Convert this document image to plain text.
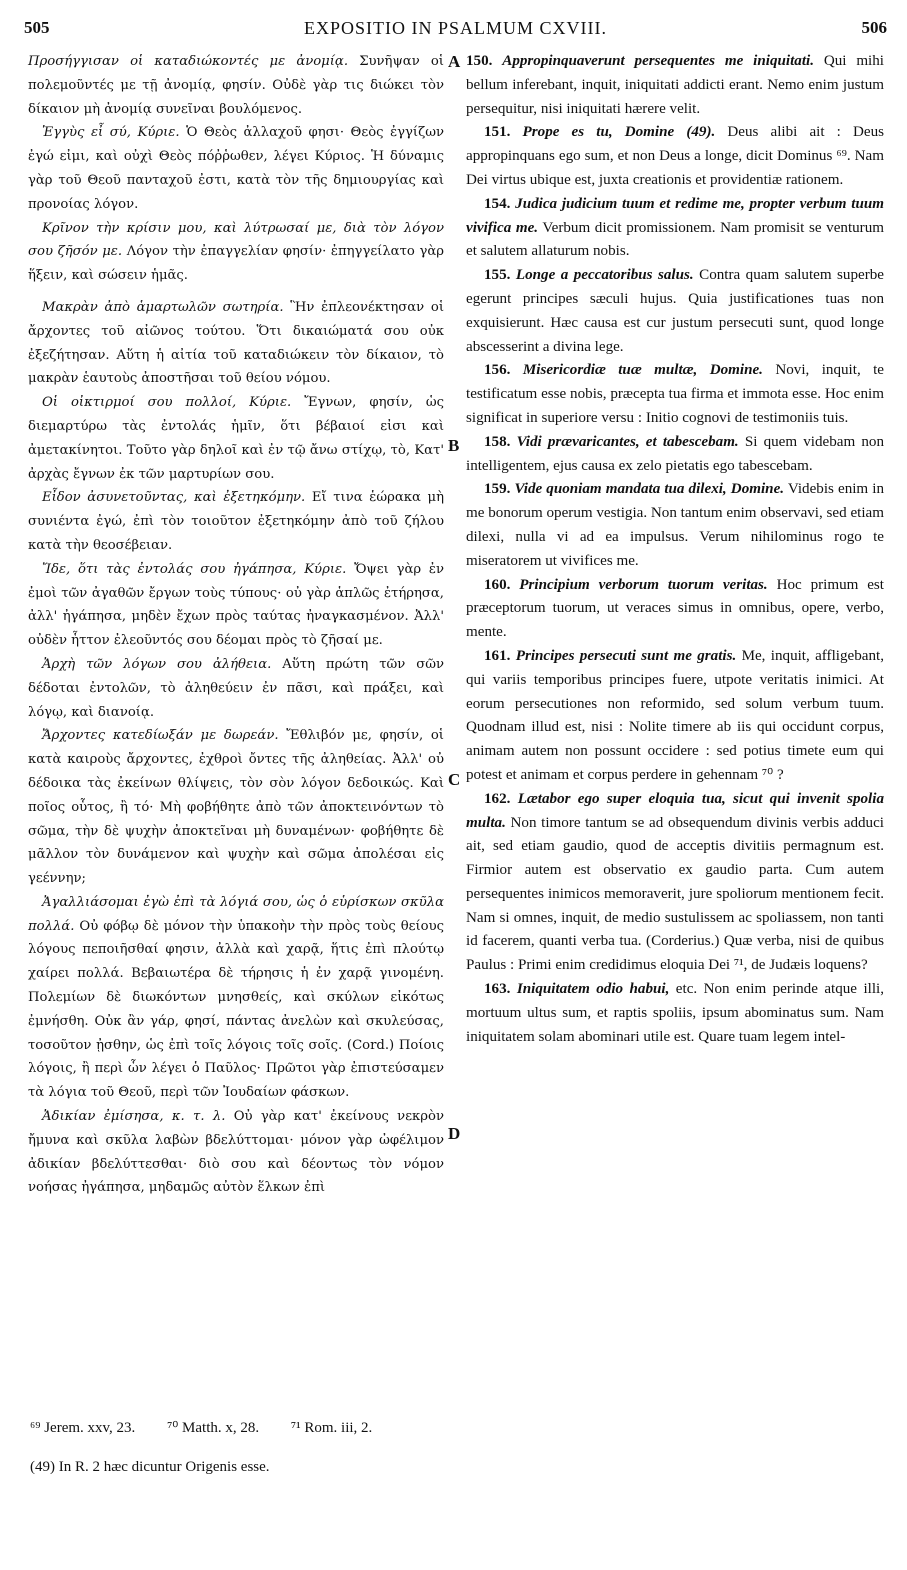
505	EXPOSITIO IN PSALMUM CXVIII.	506

Προσήγγισαν οἱ καταδιώκοντές με ἀνομίᾳ. Συνῆψαν οἱ πολεμοῦντές με τῇ ἀνομίᾳ, φησίν. Οὐδὲ γὰρ τις διώκει τὸν δίκαιον μὴ ἀνομίᾳ συνεῖναι βουλόμενος.

Ἐγγὺς εἶ σύ, Κύριε. Ὁ Θεὸς ἀλλαχοῦ φησι· Θεὸς ἐγγίζων ἐγώ εἰμι, καὶ οὐχὶ Θεὸς πόῤῥωθεν, λέγει Κύριος. Ἡ δύναμις γὰρ τοῦ Θεοῦ πανταχοῦ ἐστι, κατὰ τὸν τῆς δημιουργίας καὶ προνοίας λόγον.

Κρῖνον τὴν κρίσιν μου, καὶ λύτρωσαί με, διὰ τὸν λόγον σου ζῆσόν με. Λόγον τὴν ἐπαγγελίαν φησίν· ἐπηγγείλατο γὰρ ἥξειν, καὶ σώσειν ἡμᾶς.

Μακρὰν ἀπὸ ἁμαρτωλῶν σωτηρία. Ἣν ἐπλεονέκτησαν οἱ ἄρχοντες τοῦ αἰῶνος τούτου. Ὅτι δικαιώματά σου οὐκ ἐξεζήτησαν. Αὕτη ἡ αἰτία τοῦ καταδιώκειν τὸν δίκαιον, τὸ μακρὰν ἑαυτοὺς ἀποστῆσαι τοῦ θείου νόμου.

Οἱ οἰκτιρμοί σου πολλοί, Κύριε. Ἔγνων, φησίν, ὡς διεμαρτύρω τὰς ἐντολάς ἡμῖν, ὅτι βέβαιοί εἰσι καὶ ἀμετακίνητοι. Τοῦτο γὰρ δηλοῖ καὶ ἐν τῷ ἄνω στίχῳ, τὸ, Κατ' ἀρχὰς ἔγνων ἐκ τῶν μαρτυρίων σου.

Εἶδον ἀσυνετοῦντας, καὶ ἐξετηκόμην. Εἴ τινα ἑώρακα μὴ συνιέντα ἐγώ, ἐπὶ τὸν τοιοῦτον ἐξετηκόμην ἀπὸ τοῦ ζήλου κατὰ τὴν θεοσέβειαν.

Ἴδε, ὅτι τὰς ἐντολάς σου ἠγάπησα, Κύριε. Ὄψει γὰρ ἐν ἐμοὶ τῶν ἀγαθῶν ἔργων τοὺς τύπους· οὐ γὰρ ἁπλῶς ἐτήρησα, ἀλλ' ἠγάπησα, μηδὲν ἔχων πρὸς ταύτας ἠναγκασμένον. Ἀλλ' οὐδὲν ἧττον ἐλεοῦντός σου δέομαι πρὸς τὸ ζῆσαί με.

Ἀρχὴ τῶν λόγων σου ἀλήθεια. Αὕτη πρώτη τῶν σῶν δέδοται ἐντολῶν, τὸ ἀληθεύειν ἐν πᾶσι, καὶ πράξει, καὶ λόγῳ, καὶ διανοίᾳ.

Ἄρχοντες κατεδίωξάν με δωρεάν. Ἔθλιβόν με, φησίν, οἱ κατὰ καιροὺς ἄρχοντες, ἐχθροὶ ὄντες τῆς ἀληθείας. Ἀλλ' οὐ δέδοικα τὰς ἐκείνων θλίψεις, τὸν σὸν λόγον δεδοικώς. Καὶ ποῖος οὗτος, ἢ τό· Μὴ φοβήθητε ἀπὸ τῶν ἀποκτεινόντων τὸ σῶμα, τὴν δὲ ψυχὴν ἀποκτεῖναι μὴ δυναμένων· φοβήθητε δὲ μᾶλλον τὸν δυνάμενον καὶ ψυχὴν καὶ σῶμα ἀπολέσαι εἰς γεέννην;

Ἀγαλλιάσομαι ἐγὼ ἐπὶ τὰ λόγιά σου, ὡς ὁ εὑρίσκων σκῦλα πολλά. Οὐ φόβῳ δὲ μόνον τὴν ὑπακοὴν τὴν πρὸς τοὺς θείους λόγους πεποιῆσθαί φησιν, ἀλλὰ καὶ χαρᾷ, ἥτις ἐπὶ πλούτῳ χαίρει πολλά. Βεβαιωτέρα δὲ τήρησις ἡ ἐν χαρᾷ γινομένη. Πολεμίων δὲ διωκόντων μνησθείς, καὶ σκύλων εἰκότως ἐμνήσθη. Οὐκ ἂν γάρ, φησί, πάντας ἀνελὼν καὶ σκυλεύσας, τοσοῦτον ᾐσθην, ὡς ἐπὶ τοῖς λόγοις τοῖς σοῖς. (Cord.) Ποίοις λόγοις, ἢ περὶ ὧν λέγει ὁ Παῦλος· Πρῶτοι γὰρ ἐπιστεύσαμεν τὰ λόγια τοῦ Θεοῦ, περὶ τῶν Ἰουδαίων φάσκων.

Ἀδικίαν ἐμίσησα, κ. τ. λ. Οὐ γὰρ κατ' ἐκείνους νεκρὸν ἤμυνα καὶ σκῦλα λαβὼν βδελύττομαι· μόνον γὰρ ὠφέλιμον ἀδικίαν βδελύττεσθαι· διὸ σου καὶ δέοντως τὸν νόμον νοήσας ἠγάπησα, μηδαμῶς αὐτὸν ἕλκων ἐπὶ

A
B
C
D

150. Appropinquaverunt persequentes me iniquitati. Qui mihi bellum inferebant, inquit, iniquitati addicti erant. Nemo enim justum persequitur, nisi iniquitati hærere velit.

151. Prope es tu, Domine (49). Deus alibi ait : Deus appropinquans ego sum, et non Deus a longe, dicit Dominus ⁶⁹. Nam Dei virtus ubique est, juxta creationis et providentiæ rationem.

154. Judica judicium tuum et redime me, propter verbum tuum vivifica me. Verbum dicit promissionem. Nam promisit se venturum et salutem allaturum nobis.

155. Longe a peccatoribus salus. Contra quam salutem superbe egerunt principes sæculi hujus. Quia justificationes tuas non exquisierunt. Hæc causa est cur justum persecuti sunt, quod longe abscesserint a divina lege.

156. Misericordiæ tuæ multæ, Domine. Novi, inquit, te testificatum esse nobis, præcepta tua firma et immota esse. Hoc enim significat in superiore versu : Initio cognovi de testimoniis tuis.

158. Vidi prævaricantes, et tabescebam. Si quem videbam non intelligentem, ejus causa ex zelo pietatis ego tabescebam.

159. Vide quoniam mandata tua dilexi, Domine. Videbis enim in me bonorum operum vestigia. Non tantum enim observavi, sed etiam dilexi, nulla vi ad ea impulsus. Verum nihilominus rogo te miseratorem ut vivifices me.

160. Principium verborum tuorum veritas. Hoc primum est præceptorum tuorum, ut veraces simus in omnibus, opere, verbo, mente.

161. Principes persecuti sunt me gratis. Me, inquit, affligebant, qui variis temporibus principes fuere, utpote veritatis inimici. At eorum persecutiones non reformido, sed solum verbum tuum. Quodnam illud est, nisi : Nolite timere ab iis qui occidunt corpus, animam autem non possunt occidere : sed potius timete eum qui potest et animam et corpus perdere in gehennam ⁷⁰ ?

162. Lætabor ego super eloquia tua, sicut qui invenit spolia multa. Non timore tantum se ad obsequendum divinis verbis adduci ait, sed etiam gaudio, quod de acceptis divitiis permagnum est. Firmior autem est observatio ex gaudio parta. Cum autem persequentes inimicos memoraverit, jure spoliorum mentionem fecit. Nam si omnes, inquit, de medio sustulissem ac spoliassem, non tanti id facerem, quanti verba tua. (Corderius.) Quæ verba, nisi de quibus Paulus : Primi enim credidimus eloquia Dei ⁷¹, de Judæis loquens?

163. Iniquitatem odio habui, etc. Non enim perinde atque illi, mortuum ultus sum, et raptis spoliis, ipsum abominatus sum. Nam iniquitatem solam abominari utile est. Quare tuam legem intel-

⁶⁹ Jerem. xxv, 23. ⁷⁰ Matth. x, 28. ⁷¹ Rom. iii, 2.
(49) In R. 2 hæc dicuntur Origenis esse.
